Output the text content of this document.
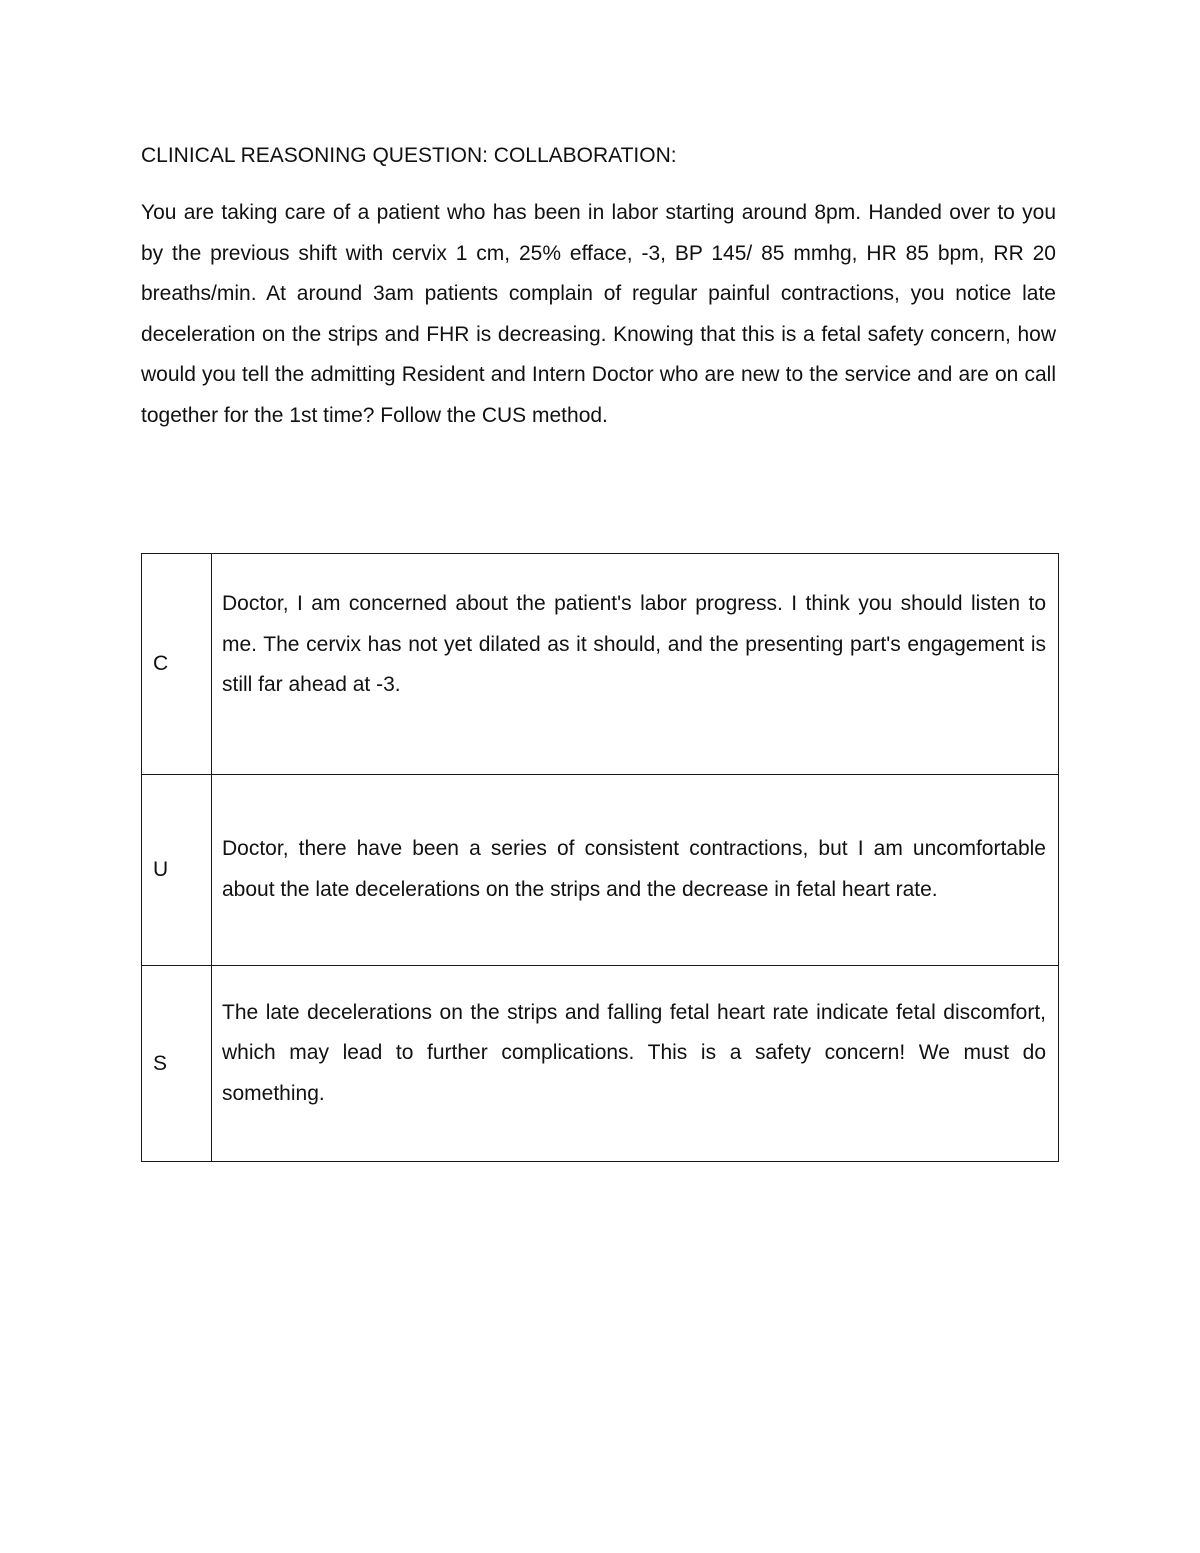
CLINICAL REASONING QUESTION: COLLABORATION:
You are taking care of a patient who has been in labor starting around 8pm. Handed over to you by the previous shift with cervix 1 cm, 25% efface, -3, BP 145/ 85 mmhg, HR 85 bpm, RR 20 breaths/min. At around 3am patients complain of regular painful contractions, you notice late deceleration on the strips and FHR is decreasing. Knowing that this is a fetal safety concern, how would you tell the admitting Resident and Intern Doctor who are new to the service and are on call together for the 1st time? Follow the CUS method.
C	Doctor, I am concerned about the patient's labor progress. I think you should listen to me. The cervix has not yet dilated as it should, and the presenting part's engagement is still far ahead at -3.

U	Doctor, there have been a series of consistent contractions, but I am uncomfortable about the late decelerations on the strips and the decrease in fetal heart rate.

S	The late decelerations on the strips and falling fetal heart rate indicate fetal discomfort, which may lead to further complications. This is a safety concern! We must do something.
